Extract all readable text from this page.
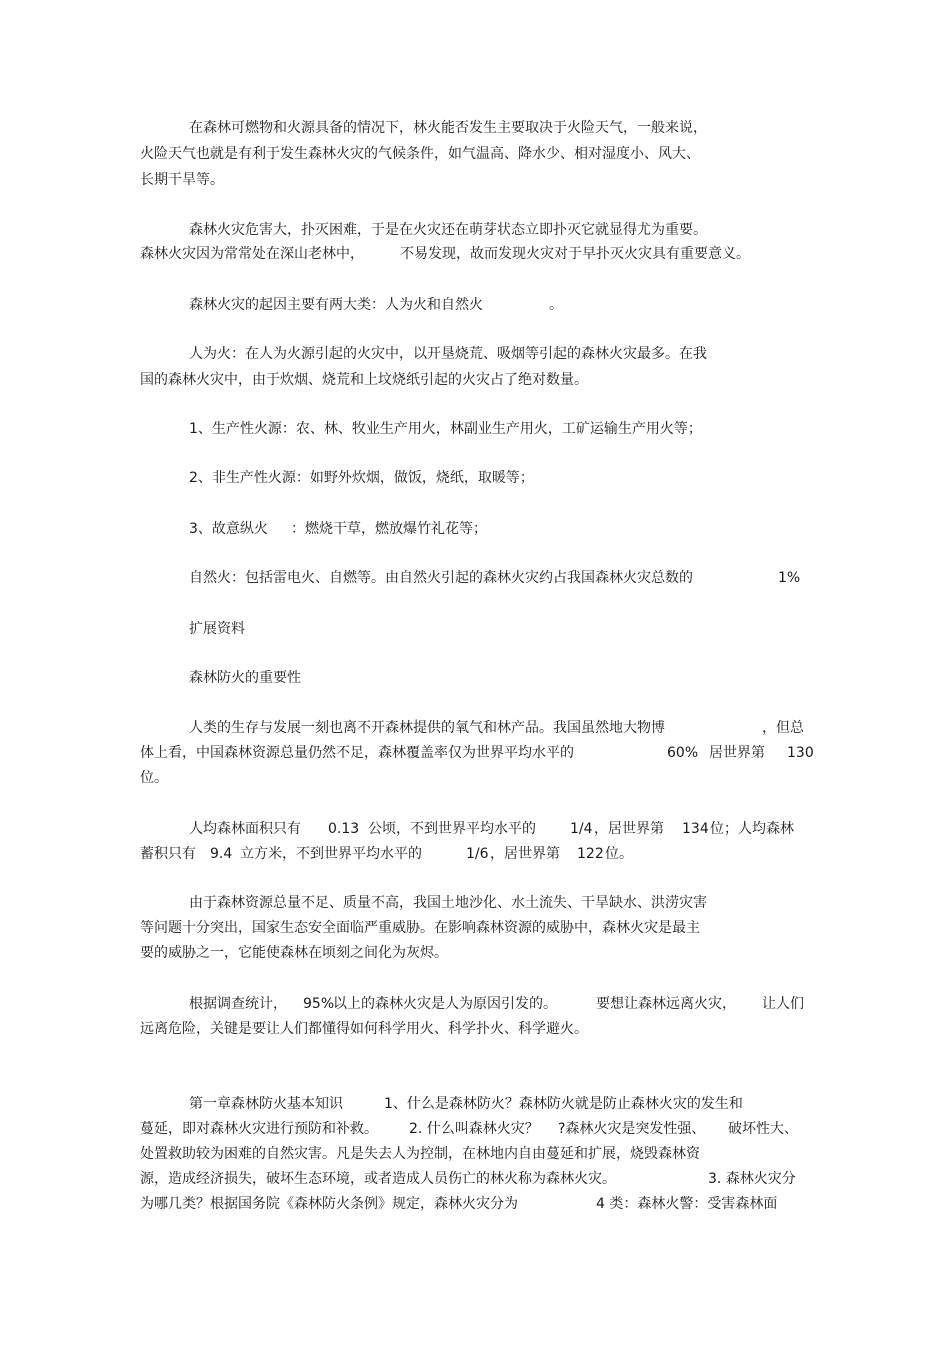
在森林可燃物和火源具备的情况下，林火能否发生主要取决于火险天气，一般来说，
火险天气也就是有利于发生森林火灾的气候条件，如气温高、降水少、相对湿度小、风大、
长期干旱等。
森林火灾危害大，扑灭困难，于是在火灾还在萌芽状态立即扑灭它就显得尤为重要。
森林火灾因为常常处在深山老林中，	不易发现，故而发现火灾对于早扑灭火灾具有重要意义。
森林火灾的起因主要有两大类：人为火和自然火	。
人为火：在人为火源引起的火灾中，以开垦烧荒、吸烟等引起的森林火灾最多。在我
国的森林火灾中，由于炊烟、烧荒和上坟烧纸引起的火灾占了绝对数量。
1、生产性火源：农、林、牧业生产用火，林副业生产用火，工矿运输生产用火等；
2、非生产性火源：如野外炊烟，做饭，烧纸，取暖等；
3、故意纵火 ：燃烧干草，燃放爆竹礼花等；
自然火：包括雷电火、自燃等。由自然火引起的森林火灾约占我国森林火灾总数的	1%
扩展资料
森林防火的重要性
人类的生存与发展一刻也离不开森林提供的氧气和林产品。我国虽然地大物博	，但总
体上看，中国森林资源总量仍然不足，森林覆盖率仅为世界平均水平的	60% 居世界第 130
位。
人均森林面积只有 0.13 公顷，不到世界平均水平的 1/4 ，居世界第 134 位；人均森林
蓄积只有 9.4 立方米，不到世界平均水平的	1/6 ，居世界第 122 位。
由于森林资源总量不足、质量不高，我国土地沙化、水土流失、干旱缺水、洪涝灾害
等问题十分突出，国家生态安全面临严重威胁。在影响森林资源的威胁中，森林火灾是最主
要的威胁之一，它能使森林在顷刻之间化为灰烬。
根据调查统计， 95%
以上的森林火灾是人为原因引发的。	要想让森林远离火灾， 让人们
远离危险，关键是要让人们都懂得如何科学用火、科学扑火、科学避火。
第一章森林防火基本知识	1、什么是森林防火？森林防火就是防止森林火灾的发生和
蔓延，即对森林火灾进行预防和补救。 2. 什么叫森林火灾？ ?森林火灾是突发性强、 破坏性大、
处置救助较为困难的自然灾害。凡是失去人为控制，在林地内自由蔓延和扩展，烧毁森林资
源，造成经济损失，破坏生态环境，或者造成人员伤亡的林火称为森林火灾。	3. 森林火灾分
为哪几类？根据国务院《森林防火条例》规定，森林火灾分为	4 类：森林火警：受害森林面
